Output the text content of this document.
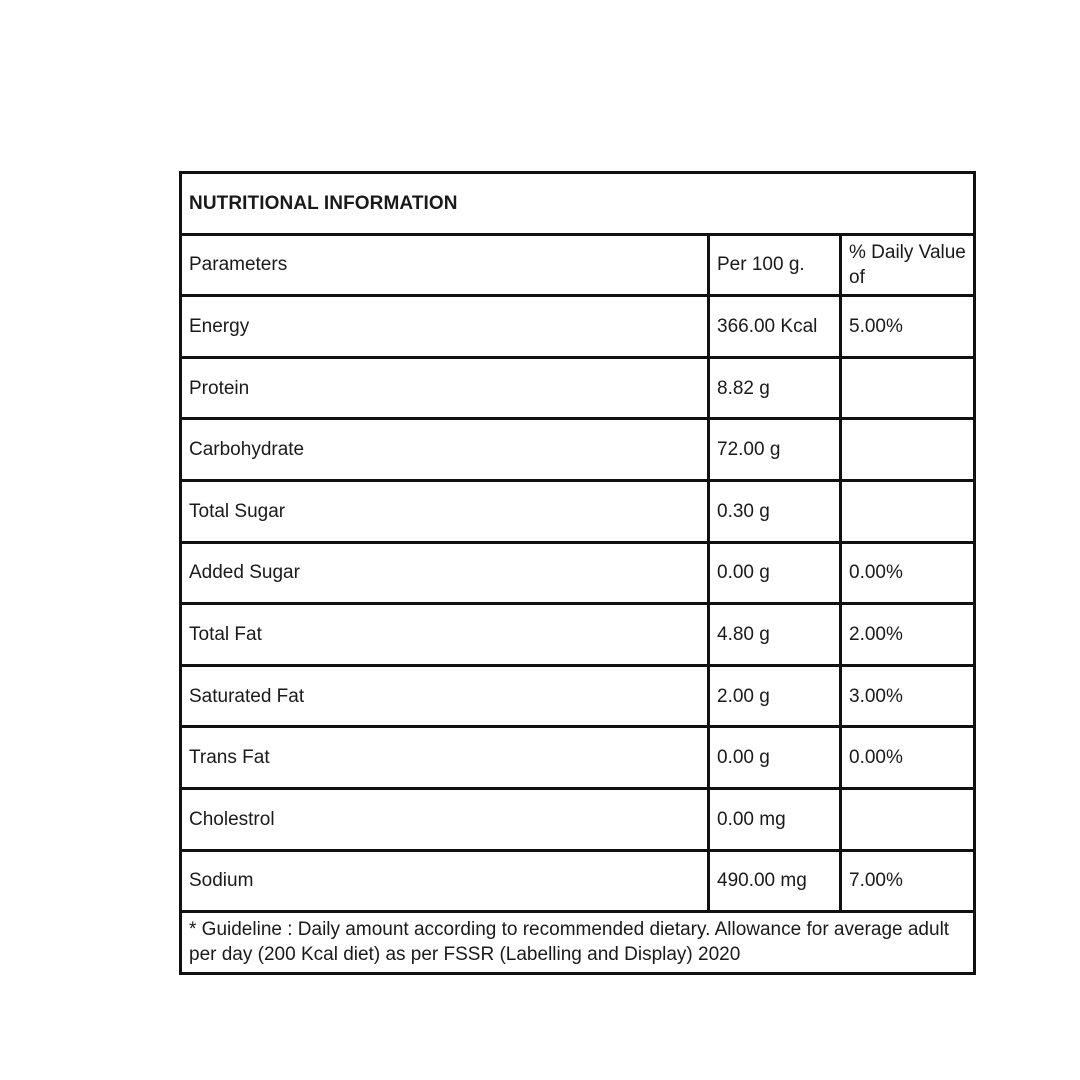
NUTRITIONAL INFORMATION		
Parameters	Per 100 g.	% Daily Value of
Energy	366.00 Kcal	5.00%
Protein	8.82 g	
Carbohydrate	72.00 g	
Total Sugar	0.30 g	
Added Sugar	0.00 g	0.00%
Total Fat	4.80 g	2.00%
Saturated Fat	2.00 g	3.00%
Trans Fat	0.00 g	0.00%
Cholestrol	0.00 mg	
Sodium	490.00 mg	7.00%
* Guideline : Daily amount according to recommended dietary. Allowance for average adult per day (200 Kcal diet) as per FSSR (Labelling and Display) 2020		
